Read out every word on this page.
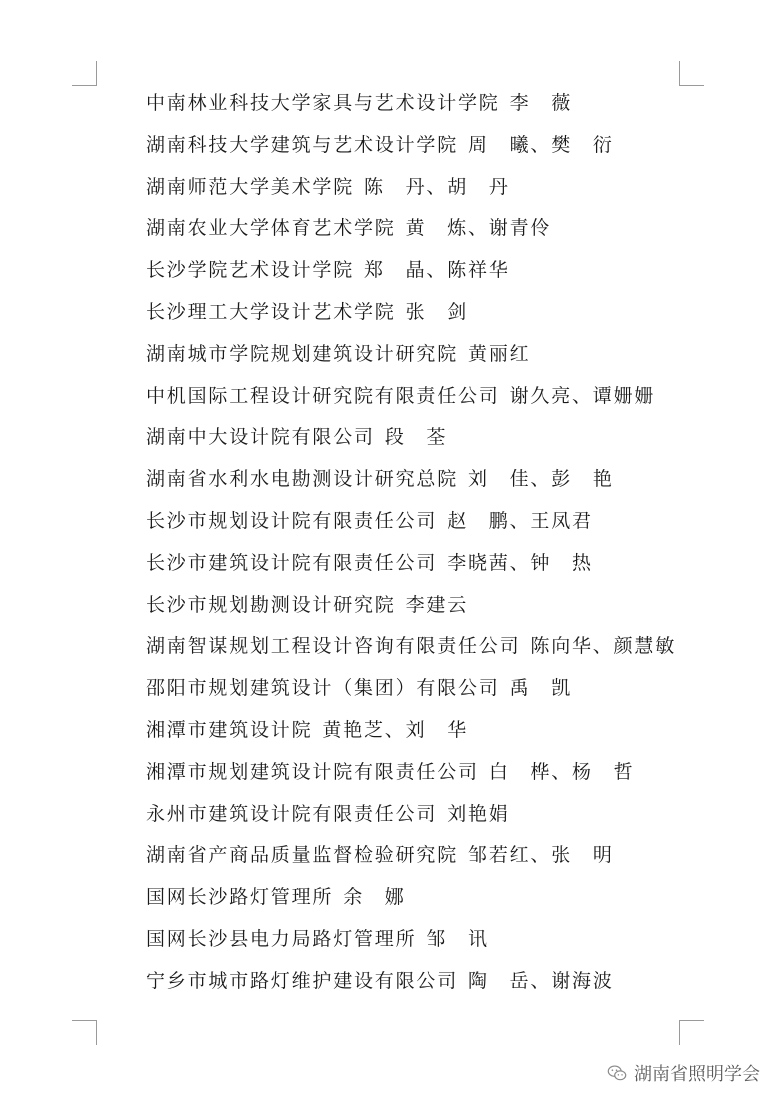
中南林业科技大学家具与艺术设计学院 李　薇
湖南科技大学建筑与艺术设计学院 周　曦、樊　衍
湖南师范大学美术学院 陈　丹、胡　丹
湖南农业大学体育艺术学院 黄　炼、谢青伶
长沙学院艺术设计学院 郑　晶、陈祥华
长沙理工大学设计艺术学院 张　剑
湖南城市学院规划建筑设计研究院 黄丽红
中机国际工程设计研究院有限责任公司 谢久亮、谭姗姗
湖南中大设计院有限公司 段　荃
湖南省水利水电勘测设计研究总院 刘　佳、彭　艳
长沙市规划设计院有限责任公司 赵　鹏、王凤君
长沙市建筑设计院有限责任公司 李晓茜、钟　热
长沙市规划勘测设计研究院 李建云
湖南智谋规划工程设计咨询有限责任公司 陈向华、颜慧敏
邵阳市规划建筑设计（集团）有限公司 禹　凯
湘潭市建筑设计院 黄艳芝、刘　华
湘潭市规划建筑设计院有限责任公司 白　桦、杨　哲
永州市建筑设计院有限责任公司 刘艳娟
湖南省产商品质量监督检验研究院 邹若红、张　明
国网长沙路灯管理所 余　娜
国网长沙县电力局路灯管理所 邹　讯
宁乡市城市路灯维护建设有限公司 陶　岳、谢海波
湖南省照明学会
